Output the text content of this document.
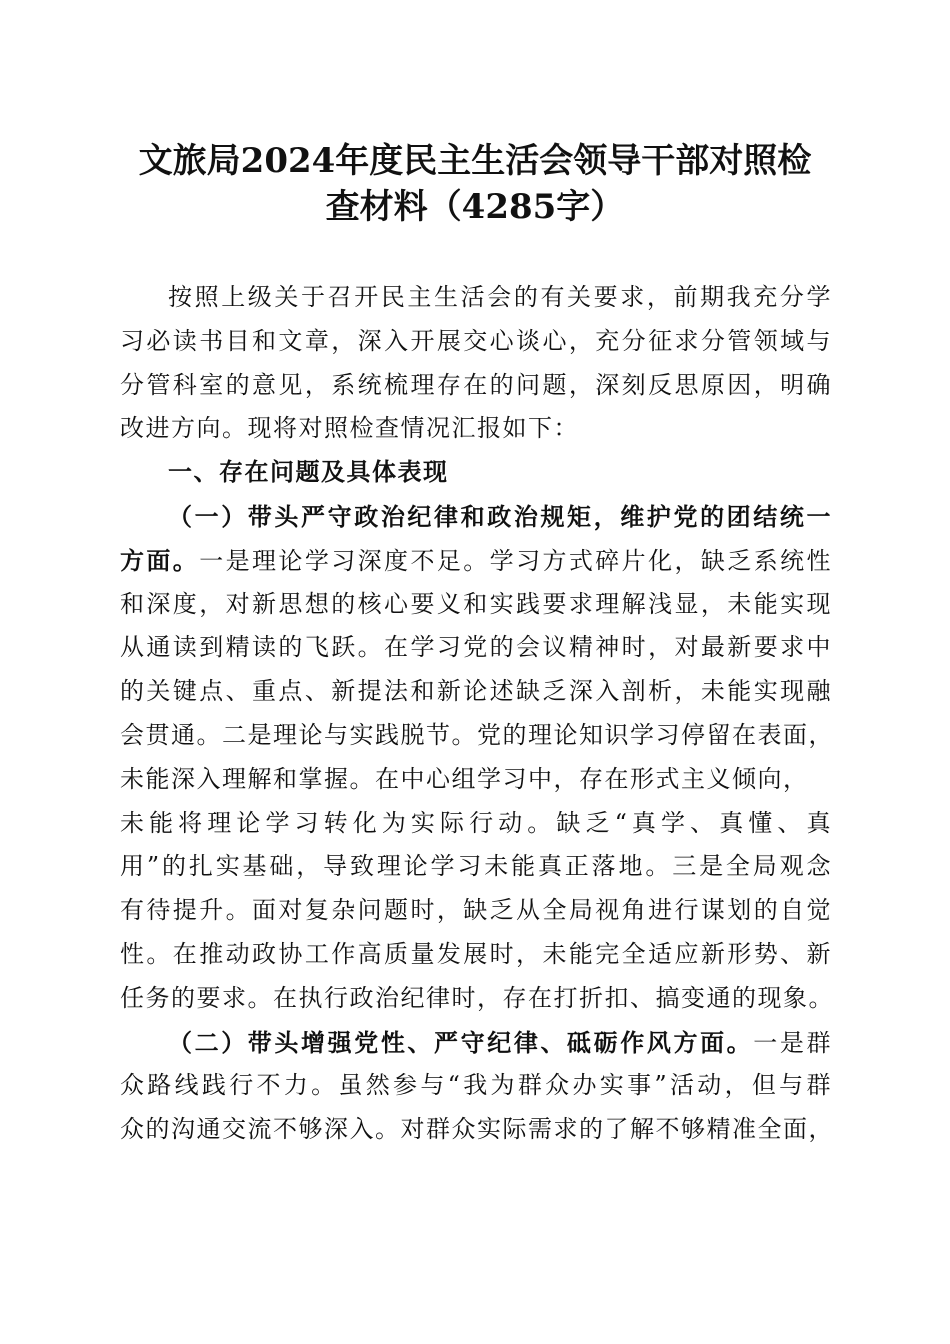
文旅局2024年度民主生活会领导干部对照检
查材料（4285字）
按照上级关于召开民主生活会的有关要求，前期我充分学
习必读书目和文章，深入开展交心谈心，充分征求分管领域与
分管科室的意见，系统梳理存在的问题，深刻反思原因，明确
改进方向。现将对照检查情况汇报如下：
一、存在问题及具体表现
（一）带头严守政治纪律和政治规矩，维护党的团结统一
方面。一是理论学习深度不足。学习方式碎片化，缺乏系统性
和深度，对新思想的核心要义和实践要求理解浅显，未能实现
从通读到精读的飞跃。在学习党的会议精神时，对最新要求中
的关键点、重点、新提法和新论述缺乏深入剖析，未能实现融
会贯通。二是理论与实践脱节。党的理论知识学习停留在表面，
未能深入理解和掌握。在中心组学习中，存在形式主义倾向，
未能将理论学习转化为实际行动。缺乏“真学、真懂、真
用”的扎实基础，导致理论学习未能真正落地。三是全局观念
有待提升。面对复杂问题时，缺乏从全局视角进行谋划的自觉
性。在推动政协工作高质量发展时，未能完全适应新形势、新
任务的要求。在执行政治纪律时，存在打折扣、搞变通的现象。
（二）带头增强党性、严守纪律、砥砺作风方面。一是群
众路线践行不力。虽然参与“我为群众办实事”活动，但与群
众的沟通交流不够深入。对群众实际需求的了解不够精准全面，
